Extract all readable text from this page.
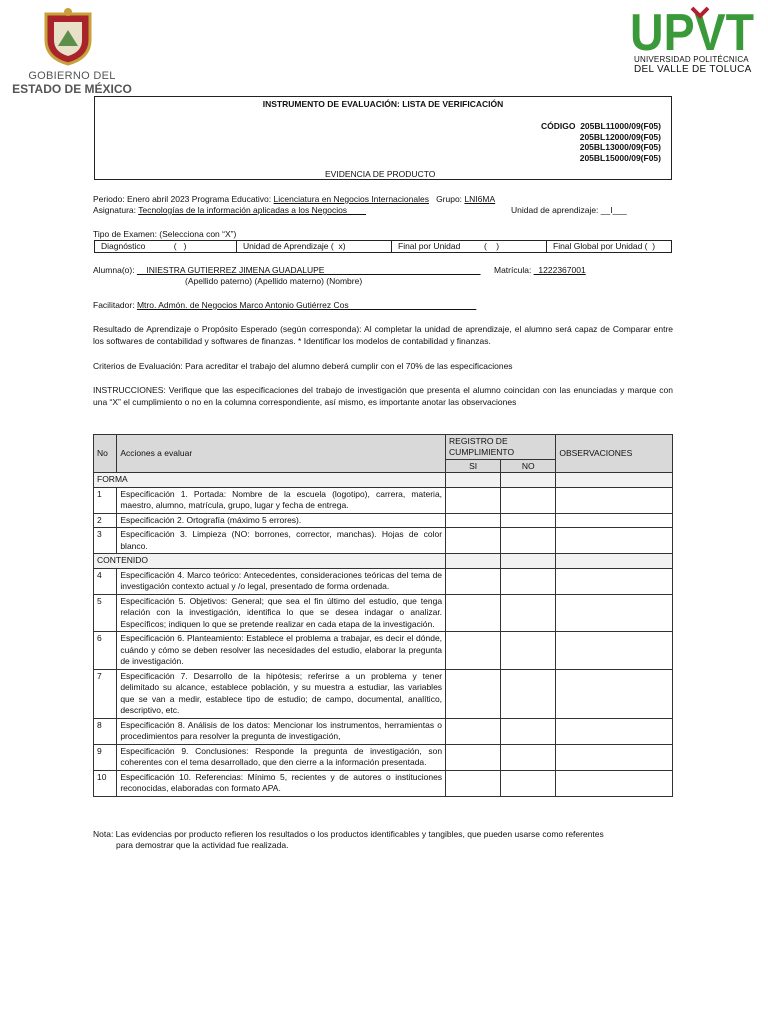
GOBIERNO DEL
ESTADO DE MÉXICO
UPVT
UNIVERSIDAD POLITÉCNICA
DEL VALLE DE TOLUCA
INSTRUMENTO DE EVALUACIÓN: LISTA DE VERIFICACIÓN
CÓDIGO 205BL11000/09(F05)
205BL12000/09(F05)
205BL13000/09(F05)
205BL15000/09(F05)
EVIDENCIA DE PRODUCTO
Periodo: Enero abril 2023 Programa Educativo: Licenciatura en Negocios Internacionales Grupo: LNI6MA
Asignatura: Tecnologías de la información aplicadas a los Negocios____	Unidad de aprendizaje: __I___
Tipo de Examen: (Selecciona con “X”)
Diagnóstico            (   )	Unidad de Aprendizaje (  x)	Final por Unidad          (    )	Final Global por Unidad (  )
Alumna(o): __INIESTRA GUTIERREZ JIMENA GUADALUPE_________________________________ Matrícula: _1222367001
(Apellido paterno) (Apellido materno) (Nombre)
Facilitador: Mtro. Admón. de Negocios Marco Antonio Gutiérrez Cos___________________________
Resultado de Aprendizaje o Propósito Esperado (según corresponda): Al completar la unidad de aprendizaje, el alumno será capaz de Comparar entre los softwares de contabilidad y softwares de finanzas. * Identificar los modelos de contabilidad y finanzas.
Criterios de Evaluación: Para acreditar el trabajo del alumno deberá cumplir con el 70% de las especificaciones
INSTRUCCIONES: Verifique que las especificaciones del trabajo de investigación que presenta el alumno coincidan con las enunciadas y marque con una “X” el cumplimiento o no en la columna correspondiente, así mismo, es importante anotar las observaciones
No	Acciones a evaluar	REGISTRO DE CUMPLIMIENTO		OBSERVACIONES
		SI	NO	
FORMA				
1	Especificación 1. Portada: Nombre de la escuela (logotipo), carrera, materia, maestro, alumno, matrícula, grupo, lugar y fecha de entrega.			
2	Especificación 2. Ortografía (máximo 5 errores).			
3	Especificación 3. Limpieza (NO: borrones, corrector, manchas). Hojas de color blanco.			
CONTENIDO				
4	Especificación 4. Marco teórico: Antecedentes, consideraciones teóricas del tema de investigación contexto actual y /o legal, presentado de forma ordenada.			
5	Especificación 5. Objetivos: General; que sea el fin último del estudio, que tenga relación con la investigación, identifica lo que se desea indagar o analizar. Específicos; indiquen lo que se pretende realizar en cada etapa de la investigación.			
6	Especificación 6. Planteamiento: Establece el problema a trabajar, es decir el dónde, cuándo y cómo se deben resolver las necesidades del estudio, elaborar la pregunta de investigación.			
7	Especificación 7. Desarrollo de la hipótesis; referirse a un problema y tener delimitado su alcance, establece población, y su muestra a estudiar, las variables que se van a medir, establece tipo de estudio; de campo, documental, analítico, descriptivo, etc.			
8	Especificación 8. Análisis de los datos: Mencionar los instrumentos, herramientas o procedimientos para resolver la pregunta de investigación,			
9	Especificación 9. Conclusiones: Responde la pregunta de investigación, son coherentes con el tema desarrollado, que den cierre a la información presentada.			
10	Especificación 10. Referencias: Mínimo 5, recientes y de autores o instituciones reconocidas, elaboradas con formato APA.			
Nota: Las evidencias por producto refieren los resultados o los productos identificables y tangibles, que pueden usarse como referentes
para demostrar que la actividad fue realizada.
